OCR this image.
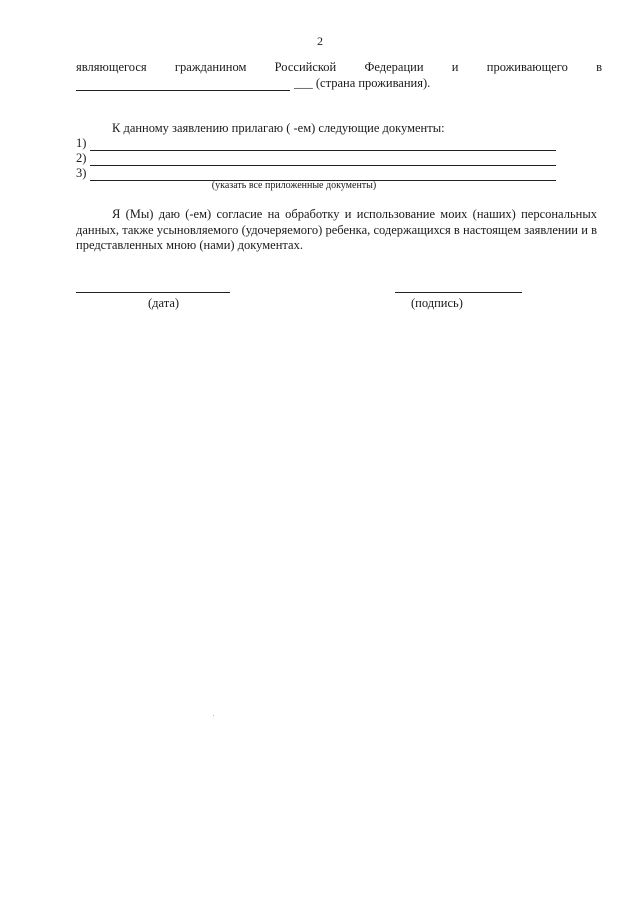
2
являющегося гражданином Российской Федерации и проживающего в
___ (страна проживания).
К данному заявлению прилагаю ( -ем) следующие документы:
1)
2)
3)
(указать все приложенные документы)

Я (Мы) даю (-ем) согласие на обработку и использование моих (наших) персональных данных, также усыновляемого (удочеряемого) ребенка, содержащихся в настоящем заявлении и в представленных мною (нами) документах.

(дата)	(подпись)
